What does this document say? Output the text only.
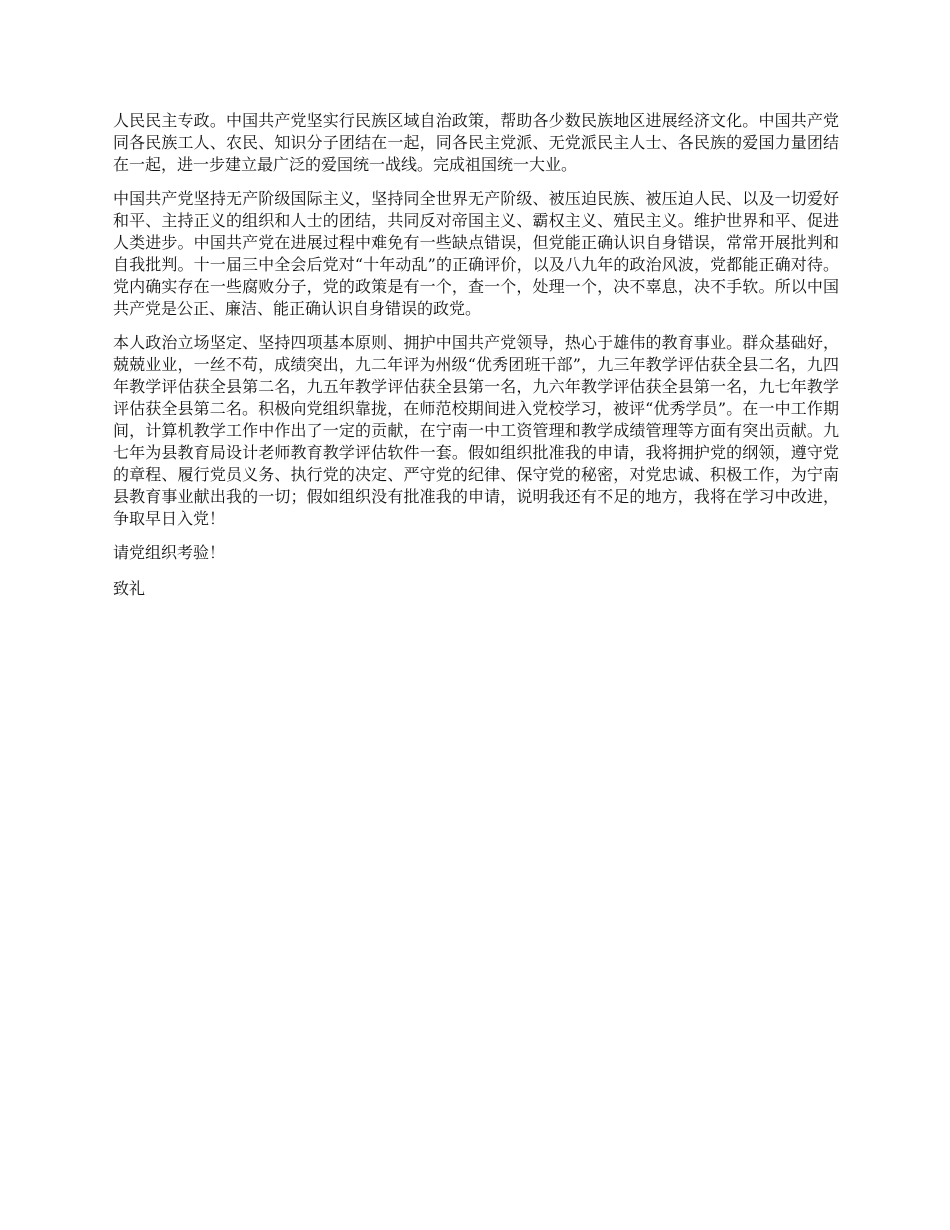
人民民主专政。中国共产党坚实行民族区域自治政策，帮助各少数民族地区进展经济文化。中国共产党同各民族工人、农民、知识分子团结在一起，同各民主党派、无党派民主人士、各民族的爱国力量团结在一起，进一步建立最广泛的爱国统一战线。完成祖国统一大业。

中国共产党坚持无产阶级国际主义，坚持同全世界无产阶级、被压迫民族、被压迫人民、以及一切爱好和平、主持正义的组织和人士的团结，共同反对帝国主义、霸权主义、殖民主义。维护世界和平、促进人类进步。中国共产党在进展过程中难免有一些缺点错误，但党能正确认识自身错误，常常开展批判和自我批判。十一届三中全会后党对“十年动乱”的正确评价，以及八九年的政治风波，党都能正确对待。党内确实存在一些腐败分子，党的政策是有一个，查一个，处理一个，决不辜息，决不手软。所以中国共产党是公正、廉洁、能正确认识自身错误的政党。

本人政治立场坚定、坚持四项基本原则、拥护中国共产党领导，热心于雄伟的教育事业。群众基础好，兢兢业业，一丝不苟，成绩突出，九二年评为州级“优秀团班干部”，九三年教学评估获全县二名，九四年教学评估获全县第二名，九五年教学评估获全县第一名，九六年教学评估获全县第一名，九七年教学评估获全县第二名。积极向党组织靠拢，在师范校期间进入党校学习，被评“优秀学员”。在一中工作期间，计算机教学工作中作出了一定的贡献，在宁南一中工资管理和教学成绩管理等方面有突出贡献。九七年为县教育局设计老师教育教学评估软件一套。假如组织批准我的申请，我将拥护党的纲领，遵守党的章程、履行党员义务、执行党的决定、严守党的纪律、保守党的秘密，对党忠诚、积极工作，为宁南县教育事业献出我的一切；假如组织没有批准我的申请，说明我还有不足的地方，我将在学习中改进，争取早日入党！

请党组织考验！

致礼
